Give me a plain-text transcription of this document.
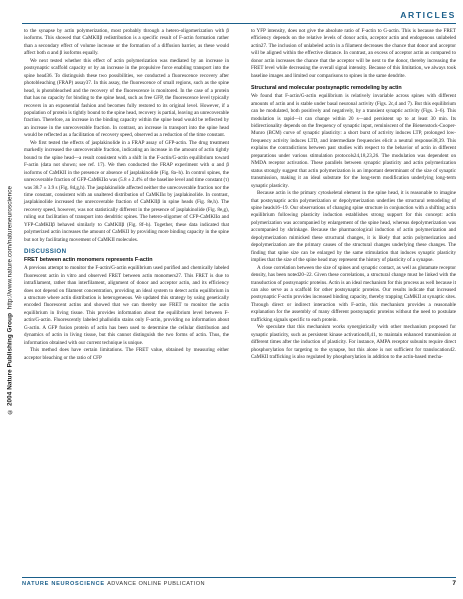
ARTICLES
© 2004 Nature Publishing Group  http://www.nature.com/natureneuroscience

to the synapse by actin polymerization, most probably through a hetero-oligomerization with β isoforms. This showed that CaMKIIβ redistribution is a specific result of F-actin formation rather than a secondary effect of volume increase or the formation of a diffusion barrier, as these would affect both α and β isoforms equally.

We next tested whether this effect of actin polymerization was mediated by an increase in postsynaptic scaffold capacity or by an increase in the propulsive force enabling transport into the spine head36. To distinguish these two possibilities, we conducted a fluorescence recovery after photobleaching (FRAP) assay37. In this assay, the fluorescence of small regions, such as the spine head, is photobleached and the recovery of the fluorescence is monitored. In the case of a protein that has no capacity for binding to the spine head, such as free GFP, the fluorescence level typically recovers in an exponential fashion and becomes fully restored to its original level. However, if a population of protein is tightly bound to the spine head, recovery is partial, leaving an unrecoverable fraction. Therefore, an increase in the binding capacity within the spine head would be reflected by an increase in the unrecoverable fraction. In contrast, an increase in transport into the spine head would be reflected as a facilitation of recovery speed, observed as a reduction of the time constant.

We first tested the effects of jasplakinolide in a FRAP assay of GFP-actin. The drug treatment markedly increased the unrecoverable fraction, indicating an increase in the amount of actin tightly bound to the spine head—a result consistent with a shift in the F-actin/G-actin equilibrium toward F-actin (data not shown; see ref. 17). We then conducted the FRAP experiment with α and β isoforms of CaMKII in the presence or absence of jasplakinolide (Fig. 8a–h). In control spines, the unrecoverable fraction of GFP-CaMKIIα was (5.8 ± 2.4% of the baseline level and time constant (τ) was 38.7 ± 3.9 s (Fig. 8d,g,h). The jasplakinolide affected neither the unrecoverable fraction nor the time constant, consistent with an unaltered distribution of CaMKIIα by jasplakinolide. In contrast, jasplakinolide increased the unrecoverable fraction of CaMKIIβ in spine heads (Fig. 8e,h). The recovery speed, however, was not statistically different in the presence of jasplakinolide (Fig. 8e,g), ruling out facilitation of transport into dendritic spines. The hetero-oligomer of CFP-CaMKIIα and YFP-CaMKIIβ behaved similarly to CaMKIIβ (Fig. 8f–h). Together, these data indicated that polymerized actin increases the amount of CaMKII by providing more binding capacity in the spine but not by facilitating movement of CaMKII molecules.

DISCUSSION
FRET between actin monomers represents F-actin

A previous attempt to monitor the F-actin/G-actin equilibrium used purified and chemically labeled fluorescent actin in vitro and observed FRET between actin monomers27. This FRET is due to intrafilament, rather than interfilament, alignment of donor and acceptor actin, and its efficiency does not depend on filament concentration, providing an ideal system to detect actin equilibrium in a structure where actin distribution is heterogeneous. We updated this strategy by using genetically encoded fluorescent actins and showed that we can thereby use FRET to monitor the actin equilibrium in living tissue. This provides information about the equilibrium level between F-actin/G-actin. Fluorescently labeled phalloidin stains only F-actin, providing no information about G-actin. A GFP fusion protein of actin has been used to determine the cellular distribution and dynamics of actin in living tissue, but this cannot distinguish the two forms of actin. Thus, the information obtained with our current technique is unique.

This method does have certain limitations. The FRET value, obtained by measuring either acceptor bleaching or the ratio of CFP

to YFP intensity, does not give the absolute ratio of F-actin to G-actin. This is because the FRET efficiency depends on the relative levels of donor actin, acceptor actin and endogenous unlabeled actin27. The inclusion of unlabeled actin in a filament decreases the chance that donor and acceptor will be aligned within the effective distance. In contrast, an excess of acceptor actin as compared to donor actin increases the chance that the acceptor will be next to the donor, thereby increasing the FRET level while decreasing the overall signal intensity. Because of this limitation, we always took baseline images and limited our comparisons to spines in the same dendrite.

Structural and molecular postsynaptic remodeling by actin

We found that F-actin/G-actin equilibrium is relatively invariable across spines with different amounts of actin and is stable under basal neuronal activity (Figs. 2c,d and 7). But this equilibrium can be modulated, both positively and negatively, by a transient synaptic activity (Figs. 3–6). This modulation is rapid—it can change within 20 s—and persistent up to at least 30 min. Its bidirectionality depends on the frequency of synaptic input, reminiscent of the Bienenstock-Cooper-Munro (BCM) curve of synaptic plasticity: a short burst of activity induces LTP, prolonged low-frequency activity induces LTD, and intermediate frequencies elicit a neutral response38,39. This explains the contradictions between past studies with respect to the behavior of actin in different preparations under various stimulation protocols24,18,23,26. The modulation was dependent on NMDA receptor activation. These parallels between synaptic plasticity and actin polymerization status strongly suggest that actin polymerization is an important determinant of the size of synaptic transmission, making it an ideal substrate for the long-term modification underlying long-term synaptic plasticity.

Because actin is the primary cytoskeletal element in the spine head, it is reasonable to imagine that postsynaptic actin polymerization or depolymerization underlies the structural remodeling of spine heads16–19. Our observations of changing spine structure in conjunction with a shifting actin equilibrium following plasticity induction establishes strong support for this concept: actin polymerization was accompanied by enlargement of the spine head, whereas depolymerization was accompanied by shrinkage. Because the pharmacological induction of actin polymerization and depolymerization mimicked these structural changes, it is likely that actin polymerization and depolymerization are the primary causes of the structural changes underlying these changes. The finding that spine size can be enlarged by the same stimulation that induces synaptic plasticity implies that the size of the spine head may represent the history of plasticity of a synapse.

A close correlation between the size of spines and synaptic contact, as well as glutamate receptor density, has been noted20–22. Given these correlations, a structural change must be linked with the transduction of postsynaptic proteins. Actin is an ideal mechanism for this process as well because it can also serve as a scaffold for other postsynaptic proteins. Our results indicate that increased postsynaptic F-actin provides increased binding capacity, thereby trapping CaMKII at synaptic sites. Through direct or indirect interaction with F-actin, this mechanism provides a reasonable explanation for the assembly of many different postsynaptic proteins without the need to postulate trafficking signals specific to each protein.

We speculate that this mechanism works synergistically with other mechanism proposed for synaptic plasticity, such as persistent kinase activation40,41, to maintain enhanced transmission at different times after the induction of plasticity. For instance, AMPA receptor subunits require direct phosphorylation for targeting to the synapse, but this alone is not sufficient for translocation42. CaMKII trafficking is also regulated by phosphorylation in addition to the actin-based mecha-

NATURE NEUROSCIENCE ADVANCE ONLINE PUBLICATION	7
